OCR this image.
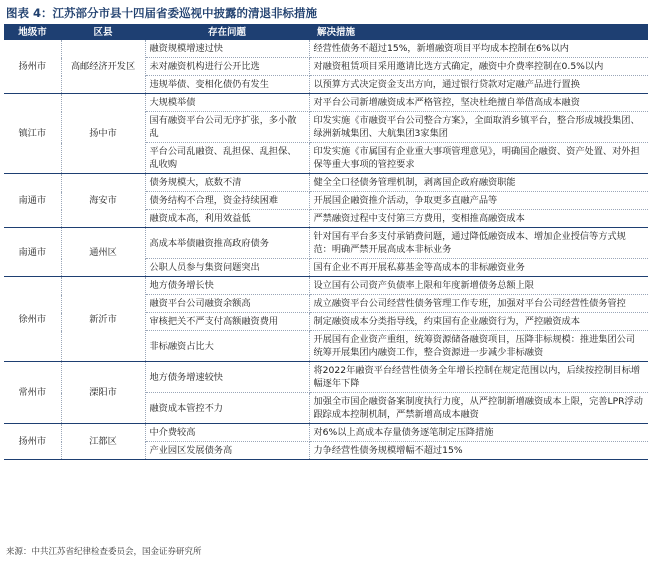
图表 4：江苏部分市县十四届省委巡视中披露的清退非标措施
地级市	区县	存在问题	解决措施
扬州市	高邮经济开发区	融资规模增速过快	经营性债务不超过15%，新增融资项目平均成本控制在6%以内
		未对融资机构进行公开比选	对融资租赁项目采用邀请比选方式确定，融资中介费率控制在0.5%以内
		违规举债、变相化债仍有发生	以预算方式决定资金支出方向，通过银行贷款对定融产品进行置换
镇江市	扬中市	大规模举债	对平台公司新增融资成本严格管控，坚决杜绝擅自举借高成本融资
		国有融资平台公司无序扩张，多小散乱	印发实施《市融资平台公司整合方案》，全面取消乡镇平台，整合形成城投集团、绿洲新城集团、大航集团3家集团
		平台公司乱融资、乱担保、乱担保、乱收购	印发实施《市属国有企业重大事项管理意见》，明确国企融资、资产处置、对外担保等重大事项的管控要求
南通市	海安市	债务规模大，底数不清	健全全口径债务管理机制，剥离国企政府融资职能
		债务结构不合理，资金持续困难	开展国企融资推介活动，争取更多直融产品等
		融资成本高，利用效益低	严禁融资过程中支付第三方费用，变相推高融资成本
南通市	通州区	高成本举债融资推高政府债务	针对国有平台多支付承销费问题，通过降低融资成本、增加企业授信等方式规范：明确严禁开展高成本非标业务
		公职人员参与集资问题突出	国有企业不再开展私募基金等高成本的非标融资业务
徐州市	新沂市	地方债务增长快	设立国有公司资产负债率上限和年度新增债务总额上限
		融资平台公司融资余额高	成立融资平台公司经营性债务管理工作专班，加强对平台公司经营性债务管控
		审核把关不严支付高额融资费用	制定融资成本分类指导线，约束国有企业融资行为，严控融资成本
		非标融资占比大	开展国有企业资产重组，统筹资源储备融资项目，压降非标规模：推进集团公司统筹开展集团内融资工作，整合资源进一步减少非标融资
常州市	溧阳市	地方债务增速较快	将2022年融资平台经营性债务全年增长控制在规定范围以内，后续按控制目标增幅逐年下降
		融资成本管控不力	加强全市国企融资备案制度执行力度，从严控制新增融资成本上限，完善LPR浮动跟踪成本控制机制，严禁新增高成本融资
扬州市	江都区	中介费较高	对6%以上高成本存量债务逐笔制定压降措施
		产业园区发展债务高	力争经营性债务规模增幅不超过15%
来源：中共江苏省纪律检查委员会，国金证券研究所
